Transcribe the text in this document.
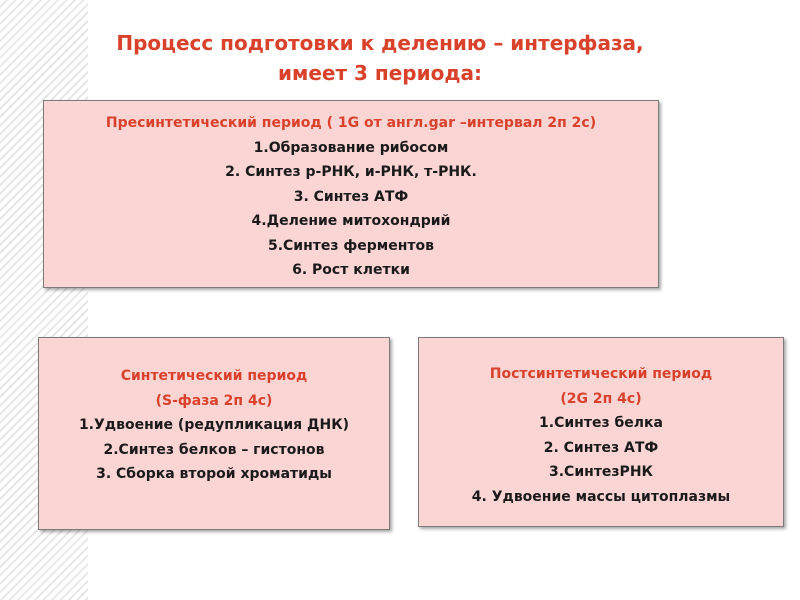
Процесс подготовки к делению – интерфаза,
имеет 3 периода:
Пресинтетический период ( 1G от англ.gar –интервал 2п 2с)
1.Образование рибосом
2. Синтез р-РНК, и-РНК, т-РНК.
3. Синтез АТФ
4.Деление митохондрий
5.Синтез ферментов
6. Рост клетки
Синтетический период
(S-фаза 2п 4с)
1.Удвоение (редупликация ДНК)
2.Синтез белков – гистонов
3. Сборка второй хроматиды
Постсинтетический период
(2G 2п 4с)
1.Синтез белка
2. Синтез АТФ
3.СинтезРНК
4. Удвоение массы цитоплазмы
